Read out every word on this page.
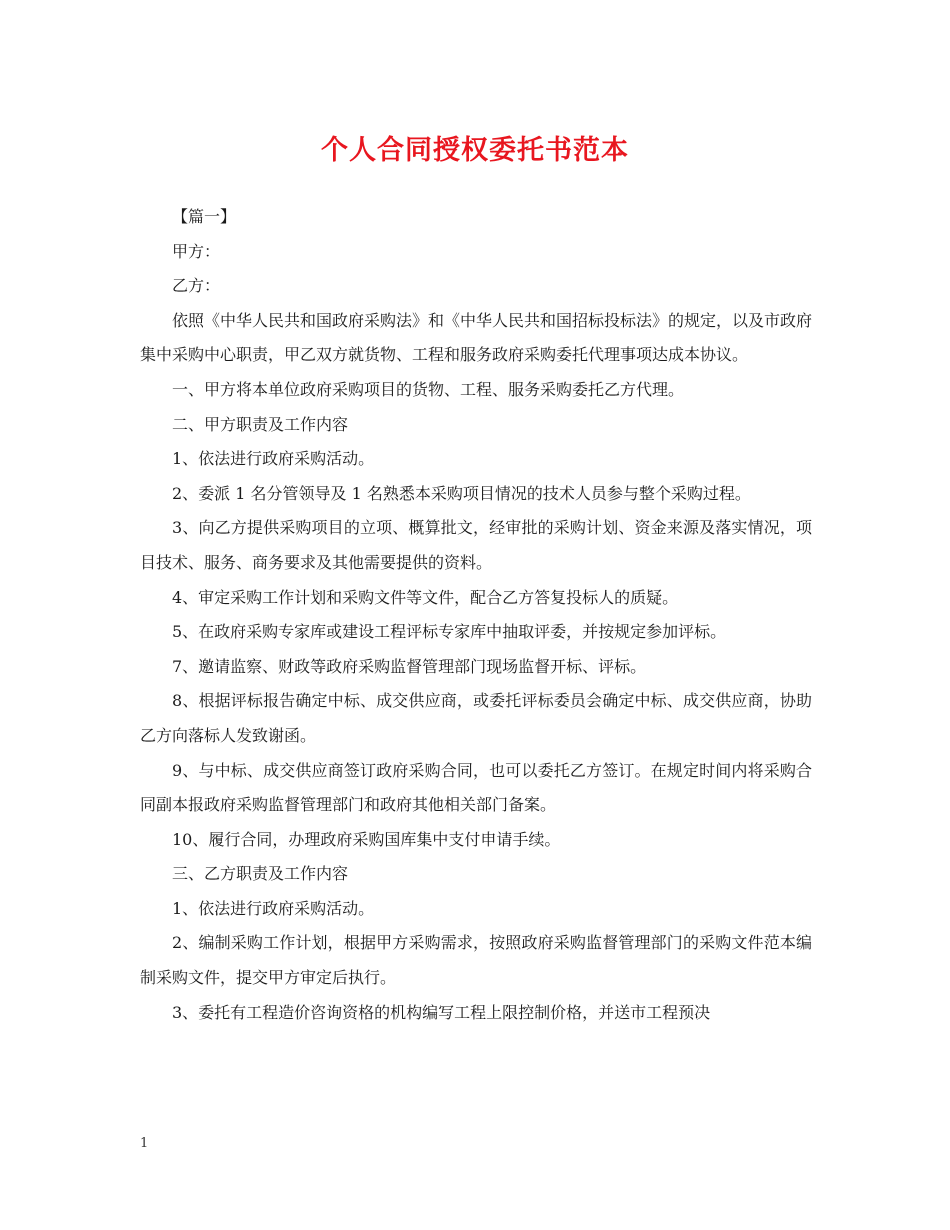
个人合同授权委托书范本

【篇一】

甲方：

乙方：

依照《中华人民共和国政府采购法》和《中华人民共和国招标投标法》的规定，以及市政府集中采购中心职责，甲乙双方就货物、工程和服务政府采购委托代理事项达成本协议。

一、甲方将本单位政府采购项目的货物、工程、服务采购委托乙方代理。

二、甲方职责及工作内容

1、依法进行政府采购活动。

2、委派 1 名分管领导及 1 名熟悉本采购项目情况的技术人员参与整个采购过程。

3、向乙方提供采购项目的立项、概算批文，经审批的采购计划、资金来源及落实情况，项目技术、服务、商务要求及其他需要提供的资料。

4、审定采购工作计划和采购文件等文件，配合乙方答复投标人的质疑。

5、在政府采购专家库或建设工程评标专家库中抽取评委，并按规定参加评标。

7、邀请监察、财政等政府采购监督管理部门现场监督开标、评标。

8、根据评标报告确定中标、成交供应商，或委托评标委员会确定中标、成交供应商，协助乙方向落标人发致谢函。

9、与中标、成交供应商签订政府采购合同，也可以委托乙方签订。在规定时间内将采购合同副本报政府采购监督管理部门和政府其他相关部门备案。

10、履行合同，办理政府采购国库集中支付申请手续。

三、乙方职责及工作内容

1、依法进行政府采购活动。

2、编制采购工作计划，根据甲方采购需求，按照政府采购监督管理部门的采购文件范本编制采购文件，提交甲方审定后执行。

3、委托有工程造价咨询资格的机构编写工程上限控制价格，并送市工程预决

1
